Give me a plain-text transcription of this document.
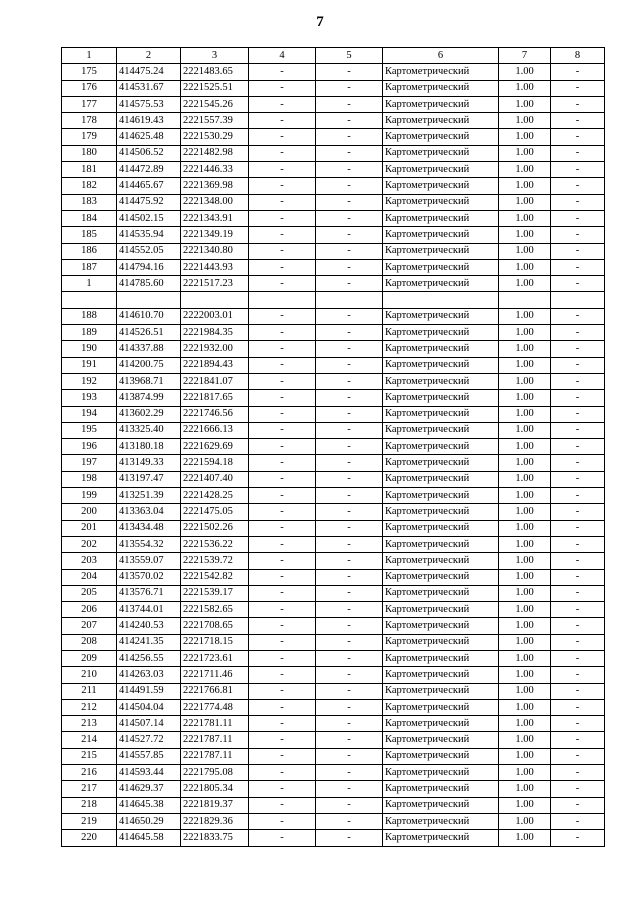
7
1	2	3	4	5	6	7	8
175	414475.24	2221483.65	-	-	Картометрический	1.00	-
176	414531.67	2221525.51	-	-	Картометрический	1.00	-
177	414575.53	2221545.26	-	-	Картометрический	1.00	-
178	414619.43	2221557.39	-	-	Картометрический	1.00	-
179	414625.48	2221530.29	-	-	Картометрический	1.00	-
180	414506.52	2221482.98	-	-	Картометрический	1.00	-
181	414472.89	2221446.33	-	-	Картометрический	1.00	-
182	414465.67	2221369.98	-	-	Картометрический	1.00	-
183	414475.92	2221348.00	-	-	Картометрический	1.00	-
184	414502.15	2221343.91	-	-	Картометрический	1.00	-
185	414535.94	2221349.19	-	-	Картометрический	1.00	-
186	414552.05	2221340.80	-	-	Картометрический	1.00	-
187	414794.16	2221443.93	-	-	Картометрический	1.00	-
1	414785.60	2221517.23	-	-	Картометрический	1.00	-

188	414610.70	2222003.01	-	-	Картометрический	1.00	-
189	414526.51	2221984.35	-	-	Картометрический	1.00	-
190	414337.88	2221932.00	-	-	Картометрический	1.00	-
191	414200.75	2221894.43	-	-	Картометрический	1.00	-
192	413968.71	2221841.07	-	-	Картометрический	1.00	-
193	413874.99	2221817.65	-	-	Картометрический	1.00	-
194	413602.29	2221746.56	-	-	Картометрический	1.00	-
195	413325.40	2221666.13	-	-	Картометрический	1.00	-
196	413180.18	2221629.69	-	-	Картометрический	1.00	-
197	413149.33	2221594.18	-	-	Картометрический	1.00	-
198	413197.47	2221407.40	-	-	Картометрический	1.00	-
199	413251.39	2221428.25	-	-	Картометрический	1.00	-
200	413363.04	2221475.05	-	-	Картометрический	1.00	-
201	413434.48	2221502.26	-	-	Картометрический	1.00	-
202	413554.32	2221536.22	-	-	Картометрический	1.00	-
203	413559.07	2221539.72	-	-	Картометрический	1.00	-
204	413570.02	2221542.82	-	-	Картометрический	1.00	-
205	413576.71	2221539.17	-	-	Картометрический	1.00	-
206	413744.01	2221582.65	-	-	Картометрический	1.00	-
207	414240.53	2221708.65	-	-	Картометрический	1.00	-
208	414241.35	2221718.15	-	-	Картометрический	1.00	-
209	414256.55	2221723.61	-	-	Картометрический	1.00	-
210	414263.03	2221711.46	-	-	Картометрический	1.00	-
211	414491.59	2221766.81	-	-	Картометрический	1.00	-
212	414504.04	2221774.48	-	-	Картометрический	1.00	-
213	414507.14	2221781.11	-	-	Картометрический	1.00	-
214	414527.72	2221787.11	-	-	Картометрический	1.00	-
215	414557.85	2221787.11	-	-	Картометрический	1.00	-
216	414593.44	2221795.08	-	-	Картометрический	1.00	-
217	414629.37	2221805.34	-	-	Картометрический	1.00	-
218	414645.38	2221819.37	-	-	Картометрический	1.00	-
219	414650.29	2221829.36	-	-	Картометрический	1.00	-
220	414645.58	2221833.75	-	-	Картометрический	1.00	-
